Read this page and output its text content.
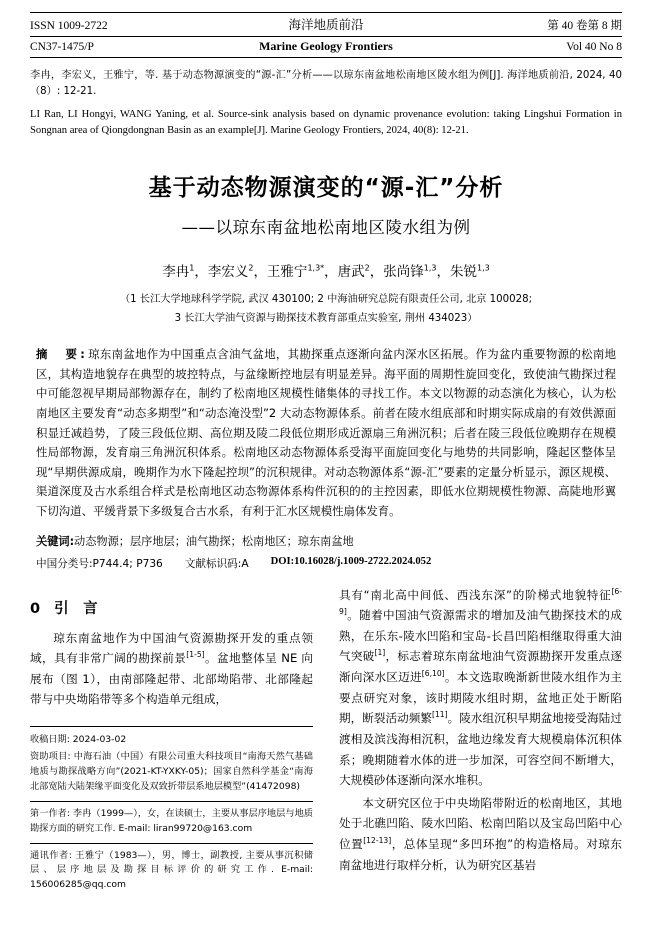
ISSN 1009-2722	海洋地质前沿	第 40 卷第 8 期
CN37-1475/P	Marine Geology Frontiers	Vol 40 No 8
李冉，李宏义，王雅宁，等. 基于动态物源演变的“源-汇”分析——以琼东南盆地松南地区陵水组为例[J]. 海洋地质前沿, 2024, 40（8）: 12-21.
LI Ran, LI Hongyi, WANG Yaning, et al. Source-sink analysis based on dynamic provenance evolution: taking Lingshui Formation in Songnan area of Qiongdongnan Basin as an example[J]. Marine Geology Frontiers, 2024, 40(8): 12-21.
基于动态物源演变的“源-汇”分析
——以琼东南盆地松南地区陵水组为例
李冉$^1$，李宏义$^2$，王雅宁$^{1,3*}$，唐武$^2$，张尚锋$^{1,3}$，朱锐$^{1,3}$
（1 长江大学地球科学学院, 武汉 430100; 2 中海油研究总院有限责任公司, 北京 100028;
3 长江大学油气资源与勘探技术教育部重点实验室, 荆州 434023）
摘　要:琼东南盆地作为中国重点含油气盆地，其勘探重点逐渐向盆内深水区拓展。作为盆内重要物源的松南地区，其构造地貌存在典型的坡控特点，与盆缘断控地层有明显差异。海平面的周期性旋回变化，致使油气勘探过程中可能忽视早期局部物源存在，制约了松南地区规模性储集体的寻找工作。本文以物源的动态演化为核心，认为松南地区主要发育“动态多期型”和“动态淹没型”2 大动态物源体系。前者在陵水组底部和时期实际成扇的有效供源面积显迁减趋势，了陵三段低位期、高位期及陵二段低位期形成近源扇三角洲沉积；后者在陵三段低位晚期存在规模性局部物源，发育扇三角洲沉积体系。松南地区动态物源体系受海平面旋回变化与地势的共同影响，隆起区整体呈现“早期供源成扇，晚期作为水下隆起控坝”的沉积规律。对动态物源体系“源-汇”要素的定量分析显示，源区规模、渠道深度及古水系组合样式是松南地区动态物源体系构件沉积的的主控因素，即低水位期规模性物源、高陡地形翼下切沟道、平缓背景下多级复合古水系，有利于汇水区规模性扇体发育。
关键词:动态物源；层序地层；油气勘探；松南地区；琼东南盆地
中国分类号:P744.4; P736 文献标识码:A DOI:10.16028/j.1009-2722.2024.052
0 引　言
琼东南盆地作为中国油气资源勘探开发的重点领域，具有非常广阔的勘探前景[1-5]。盆地整体呈 NE 向展布（图 1），由南部隆起带、北部坳陷带、北部隆起带与中央坳陷带等多个构造单元组成，
收稿日期: 2024-03-02
资助项目: 中海石油（中国）有限公司重大科技项目“南海天然气基础地质与勘探战略方向”(2021-KT-YXKY-05)；国家自然科学基金“南海北部宽陆大陆架缘平面变化及双致折带层系地层模型”(41472098)
第一作者: 李冉（1999—），女，在读硕士，主要从事层序地层与地质勘探方面的研究工作. E-mail: liran99720@163.com
通讯作者: 王雅宁（1983—），男，博士，副教授, 主要从事沉积储层、层序地层及勘探目标评价的研究工作. E-mail: 156006285@qq.com
具有“南北高中间低、西浅东深”的阶梯式地貌特征[6-9]。随着中国油气资源需求的增加及油气勘探技术的成熟，在乐东-陵水凹陷和宝岛-长昌凹陷相继取得重大油气突破[1]，标志着琼东南盆地油气资源勘探开发重点逐渐向深水区迈进[6,10]。本文选取晚渐新世陵水组作为主要点研究对象，该时期陵水组时期，盆地正处于断陷期，断裂活动频繁[11]。陵水组沉积早期盆地接受海陆过渡相及滨浅海相沉积，盆地边缘发育大规模扇体沉积体系；晚期随着水体的进一步加深，可容空间不断增大，大规模砂体逐渐向深水堆积。
本文研究区位于中央坳陷带附近的松南地区，其地处于北礁凹陷、陵水凹陷、松南凹陷以及宝岛凹陷中心位置[12-13]，总体呈现“多凹环抱”的构造格局。对琼东南盆地进行取样分析，认为研究区基岩
